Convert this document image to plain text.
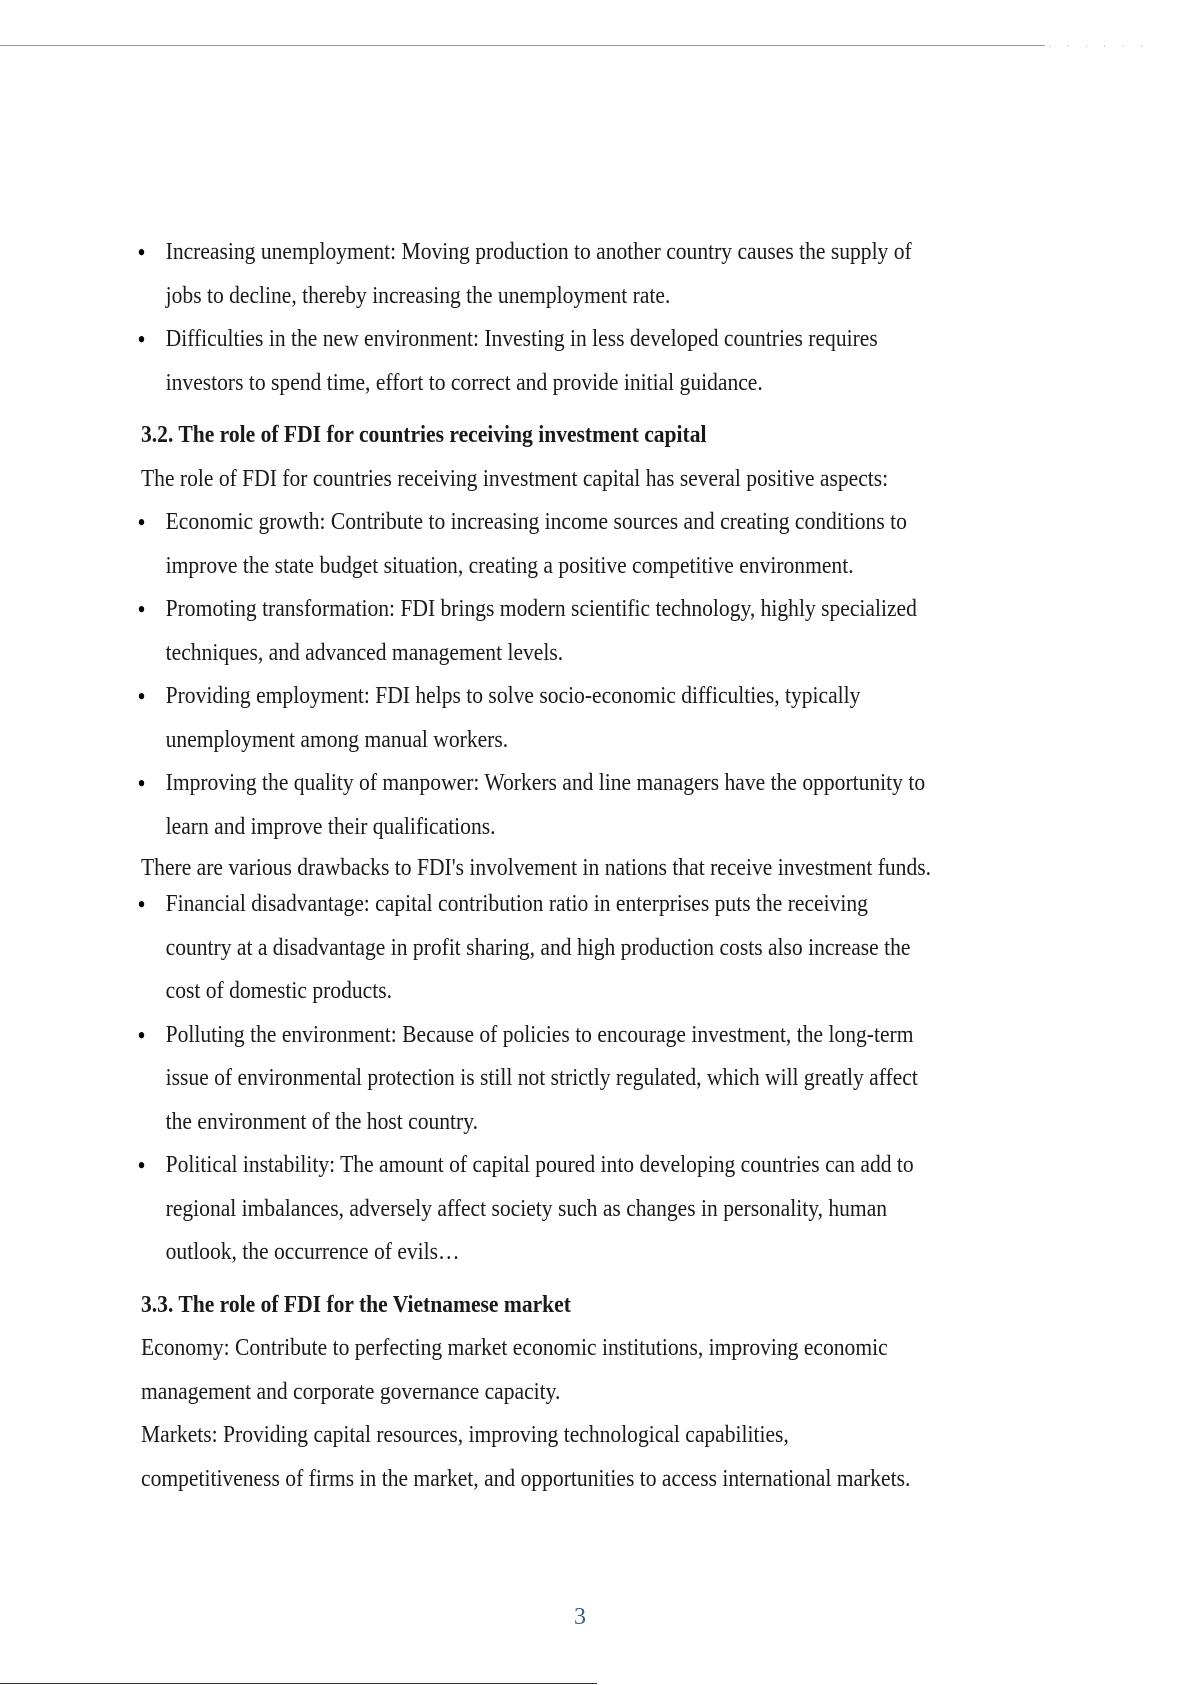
. . . . . .
• Increasing unemployment: Moving production to another country causes the supply of jobs to decline, thereby increasing the unemployment rate.
• Difficulties in the new environment: Investing in less developed countries requires investors to spend time, effort to correct and provide initial guidance.
3.2. The role of FDI for countries receiving investment capital

The role of FDI for countries receiving investment capital has several positive aspects:

• Economic growth: Contribute to increasing income sources and creating conditions to improve the state budget situation, creating a positive competitive environment.
• Promoting transformation: FDI brings modern scientific technology, highly specialized techniques, and advanced management levels.
• Providing employment: FDI helps to solve socio-economic difficulties, typically unemployment among manual workers.
• Improving the quality of manpower: Workers and line managers have the opportunity to learn and improve their qualifications.

There are various drawbacks to FDI's involvement in nations that receive investment funds.

• Financial disadvantage: capital contribution ratio in enterprises puts the receiving country at a disadvantage in profit sharing, and high production costs also increase the cost of domestic products.
• Polluting the environment: Because of policies to encourage investment, the long-term issue of environmental protection is still not strictly regulated, which will greatly affect the environment of the host country.
• Political instability: The amount of capital poured into developing countries can add to regional imbalances, adversely affect society such as changes in personality, human outlook, the occurrence of evils…
3.3. The role of FDI for the Vietnamese market

Economy: Contribute to perfecting market economic institutions, improving economic management and corporate governance capacity.

Markets: Providing capital resources, improving technological capabilities, competitiveness of firms in the market, and opportunities to access international markets.

3
